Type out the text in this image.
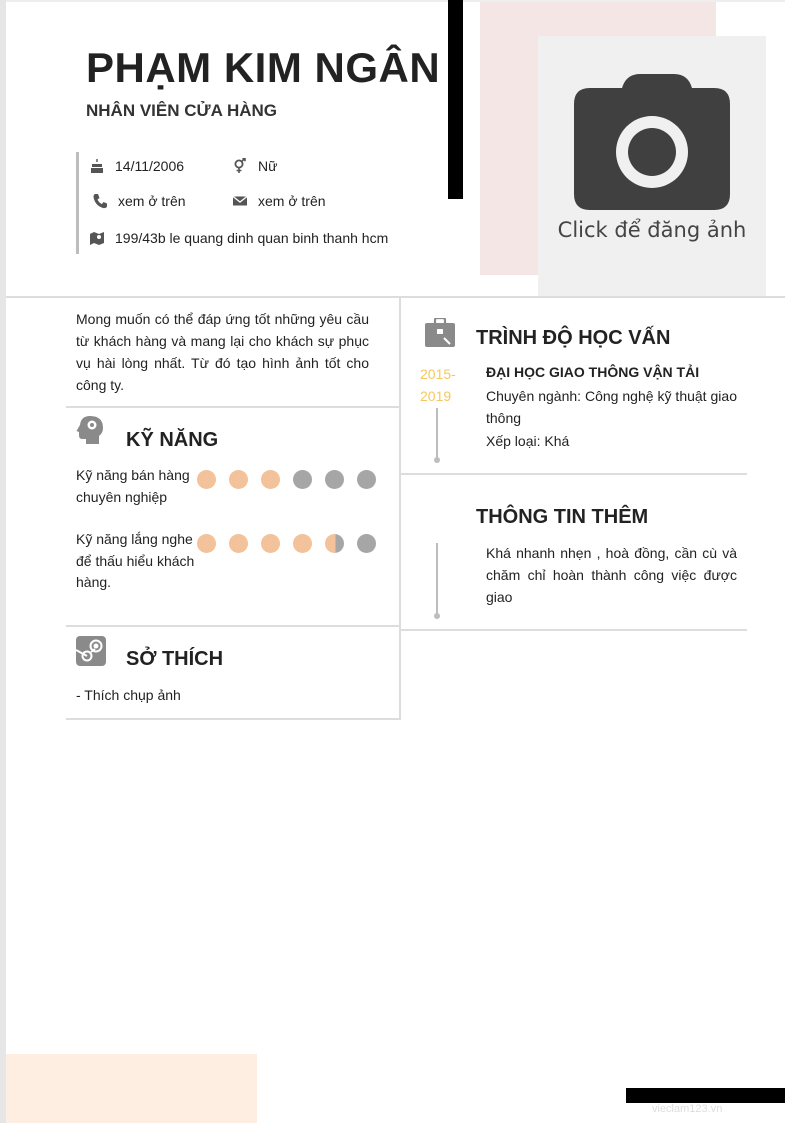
PHẠM KIM NGÂN
NHÂN VIÊN CỬA HÀNG
Click để đăng ảnh
14/11/2006	Nữ
xem ở trên	xem ở trên
199/43b le quang dinh quan binh thanh hcm
Mong muốn có thể đáp ứng tốt những yêu cầu từ khách hàng và mang lại cho khách sự phục vụ hài lòng nhất. Từ đó tạo hình ảnh tốt cho công ty.
KỸ NĂNG
Kỹ năng bán hàng chuyên nghiệp
Kỹ năng lắng nghe để thấu hiểu khách hàng.
SỞ THÍCH
- Thích chụp ảnh
TRÌNH ĐỘ HỌC VẤN
2015-
2019
ĐẠI HỌC GIAO THÔNG VẬN TẢI
Chuyên ngành: Công nghệ kỹ thuật giao thông
Xếp loại: Khá
THÔNG TIN THÊM
Khá nhanh nhẹn , hoà đồng, cần cù và chăm chỉ hoàn thành công việc được giao
vieclam123.vn
